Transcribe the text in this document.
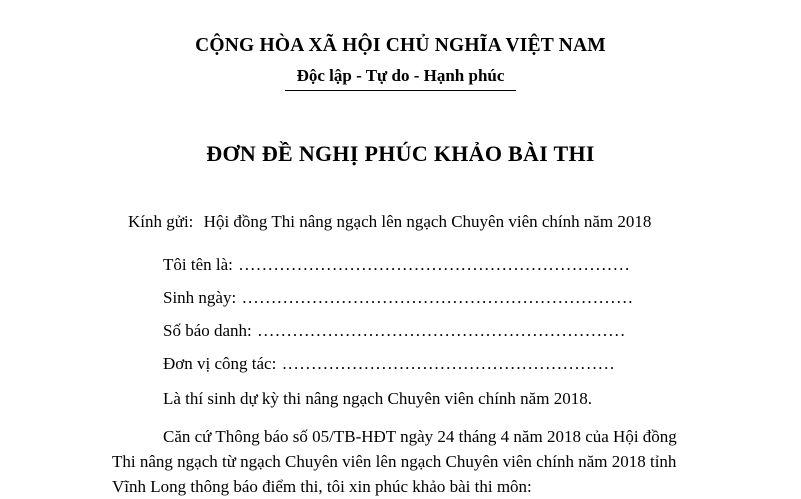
CỘNG HÒA XÃ HỘI CHỦ NGHĨA VIỆT NAM
Độc lập - Tự do - Hạnh phúc
ĐƠN ĐỀ NGHỊ PHÚC KHẢO BÀI THI
Kính gửi: Hội đồng Thi nâng ngạch lên ngạch Chuyên viên chính năm 2018
Tôi tên là: ...................................................................
Sinh ngày: ...................................................................
Số báo danh: ...............................................................
Đơn vị công tác: .........................................................
Là thí sinh dự kỳ thi nâng ngạch Chuyên viên chính năm 2018.
Căn cứ Thông báo số 05/TB-HĐT ngày 24 tháng 4 năm 2018 của Hội đồng
Thi nâng ngạch từ ngạch Chuyên viên lên ngạch Chuyên viên chính năm 2018 tỉnh
Vĩnh Long thông báo điểm thi, tôi xin phúc khảo bài thi môn:
